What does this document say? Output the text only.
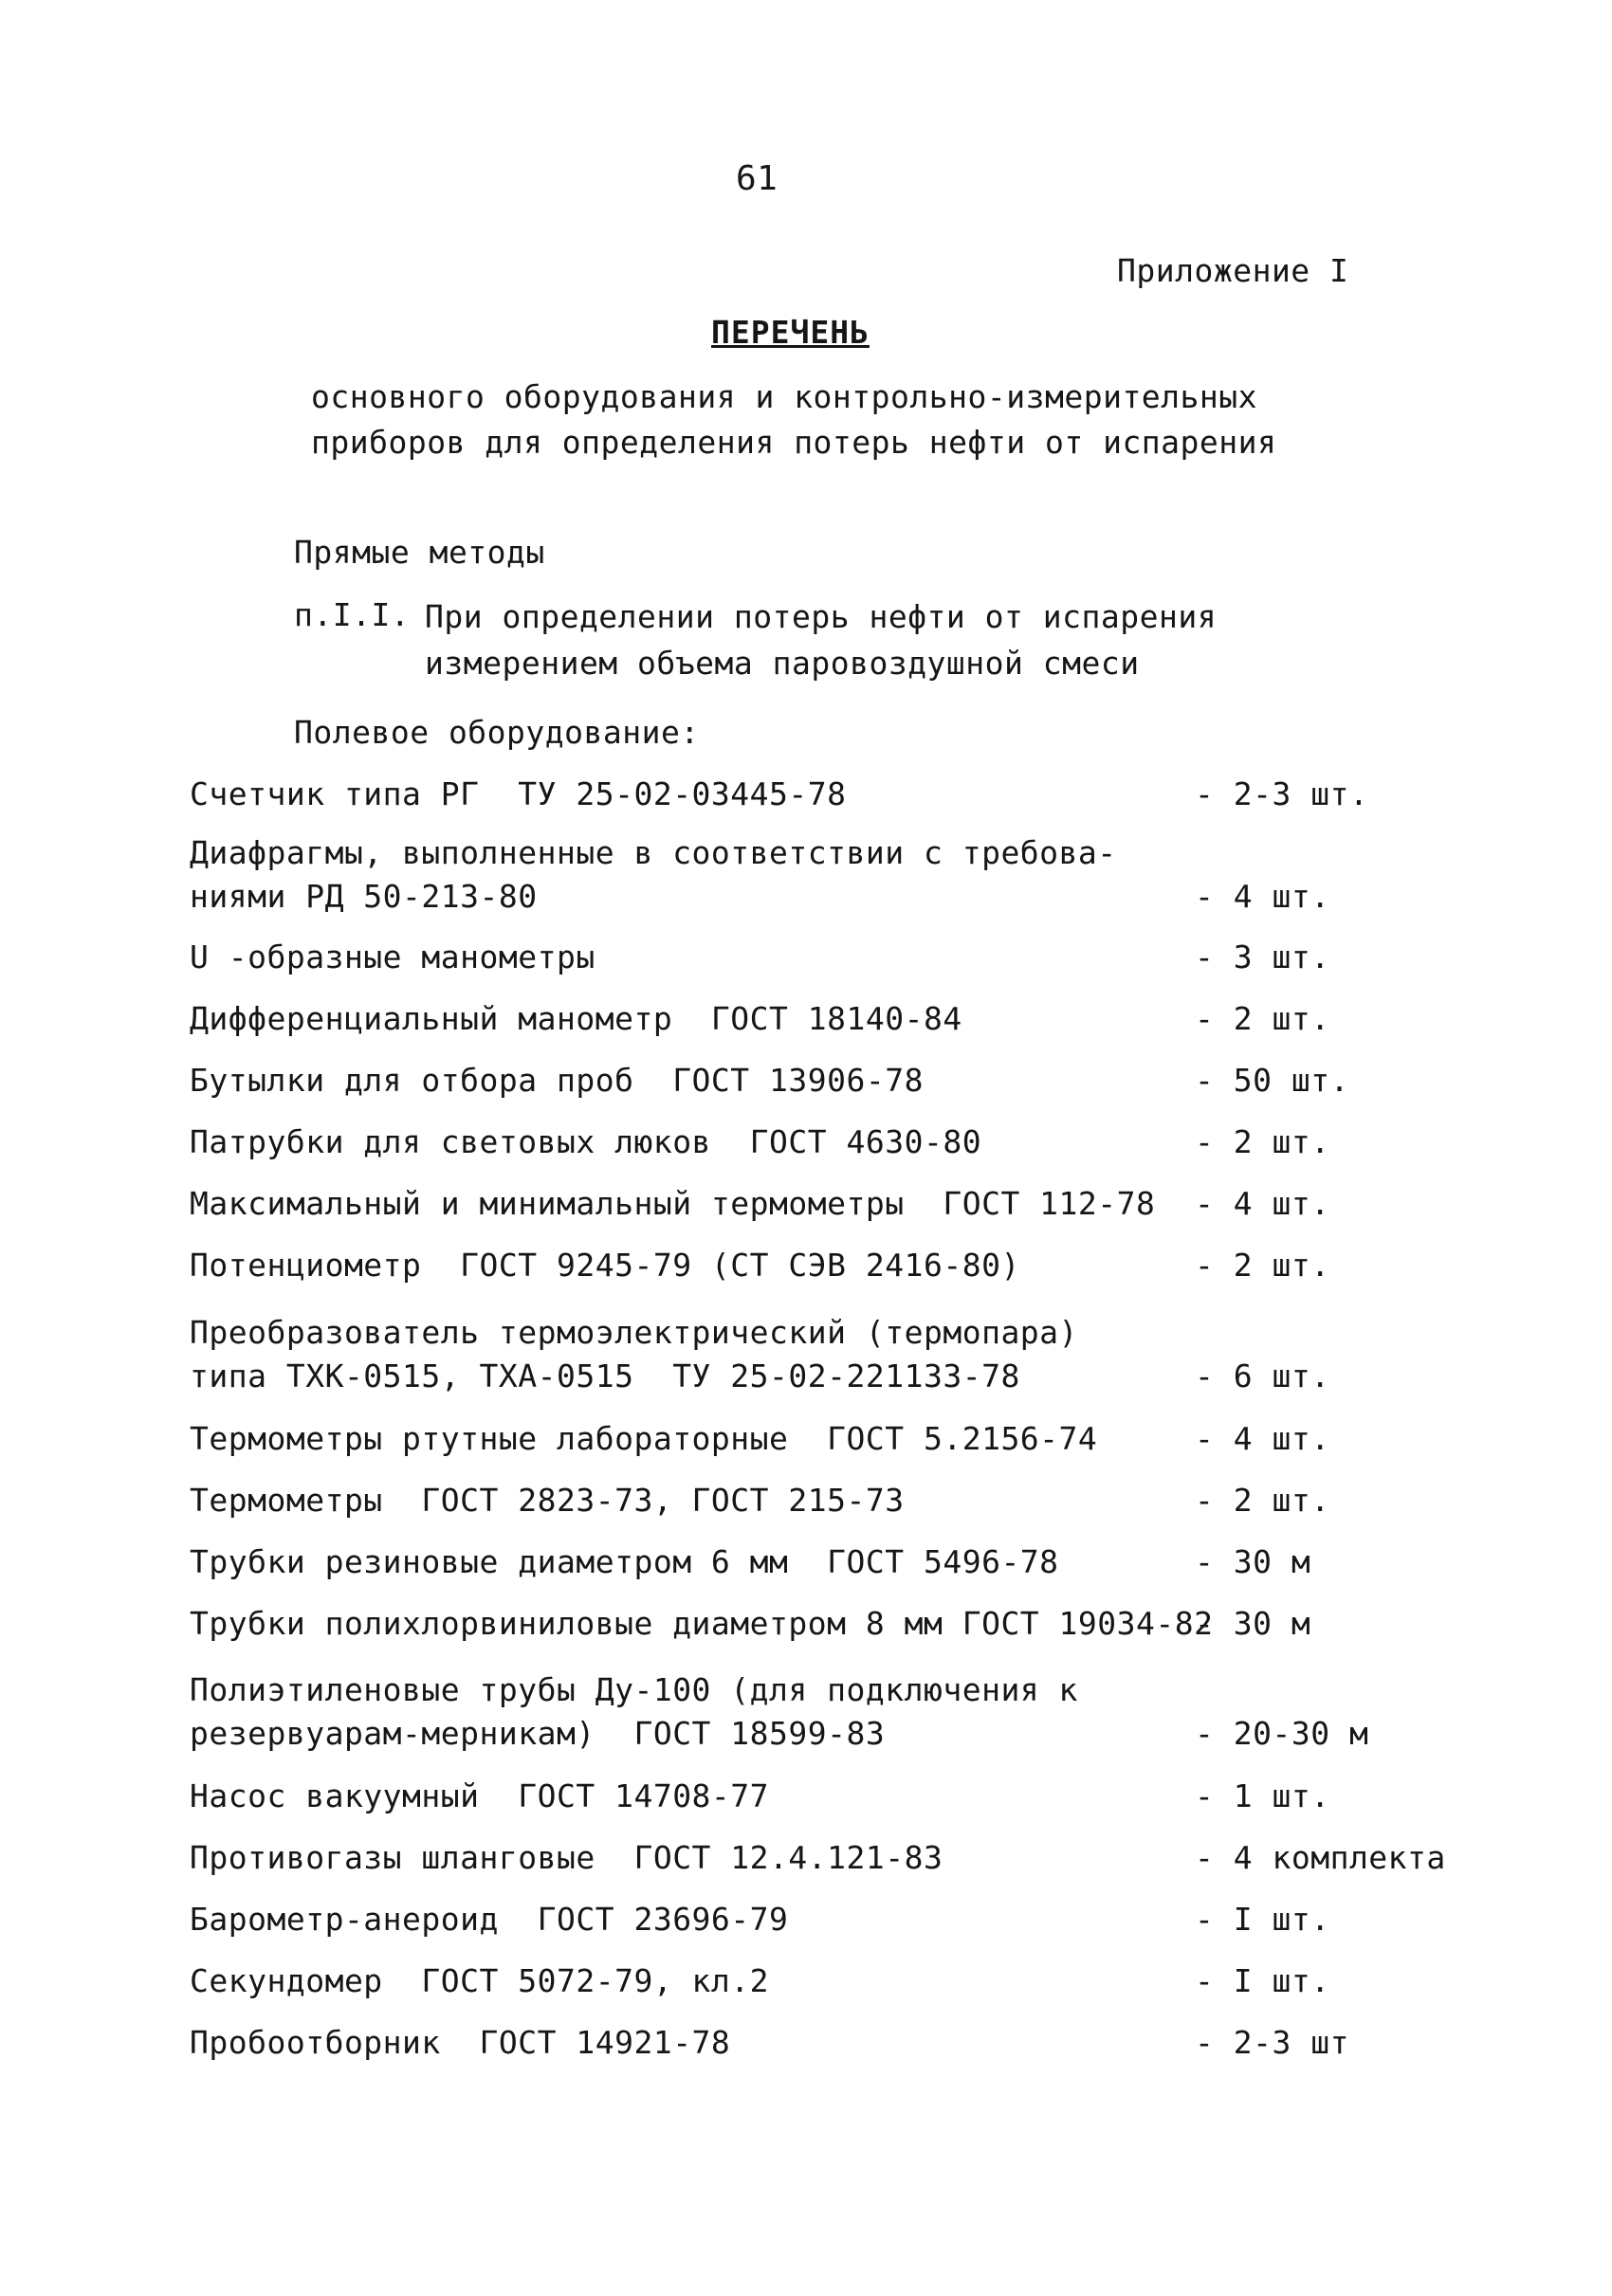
61
Приложение I
ПЕРЕЧЕНЬ
основного оборудования и контрольно-измерительных
приборов для определения потерь нефти от испарения
Прямые методы
п.I.I. При определении потерь нефти от испарения
измерением объема паровоздушной смеси
Полевое оборудование:
Счетчик типа РГ  ТУ 25-02-03445-78	- 2-3 шт.
Диафрагмы, выполненные в соответствии с требова-
ниями РД 50-213-80	- 4 шт.
U -образные манометры	- 3 шт.
Дифференциальный манометр  ГОСТ 18140-84	- 2 шт.
Бутылки для отбора проб  ГОСТ 13906-78	- 50 шт.
Патрубки для световых люков  ГОСТ 4630-80	- 2 шт.
Максимальный и минимальный термометры  ГОСТ 112-78 - 4 шт.
Потенциометр  ГОСТ 9245-79 (СТ СЭВ 2416-80)	- 2 шт.
Преобразователь термоэлектрический (термопара)
типа ТХК-0515, ТХА-0515  ТУ 25-02-221133-78	- 6 шт.
Термометры ртутные лабораторные  ГОСТ 5.2156-74	- 4 шт.
Термометры  ГОСТ 2823-73, ГОСТ 215-73	- 2 шт.
Трубки резиновые диаметром 6 мм  ГОСТ 5496-78	- 30 м
Трубки полихлорвиниловые диаметром 8 мм ГОСТ 19034-82
- 30 м
Полиэтиленовые трубы Ду-100 (для подключения к
резервуарам-мерникам)  ГОСТ 18599-83	- 20-30 м
Насос вакуумный  ГОСТ 14708-77	- 1 шт.
Противогазы шланговые  ГОСТ 12.4.121-83	- 4 комплекта
Барометр-анероид  ГОСТ 23696-79	- I шт.
Секундомер  ГОСТ 5072-79, кл.2	- I шт.
Пробоотборник  ГОСТ 14921-78	- 2-3 шт
